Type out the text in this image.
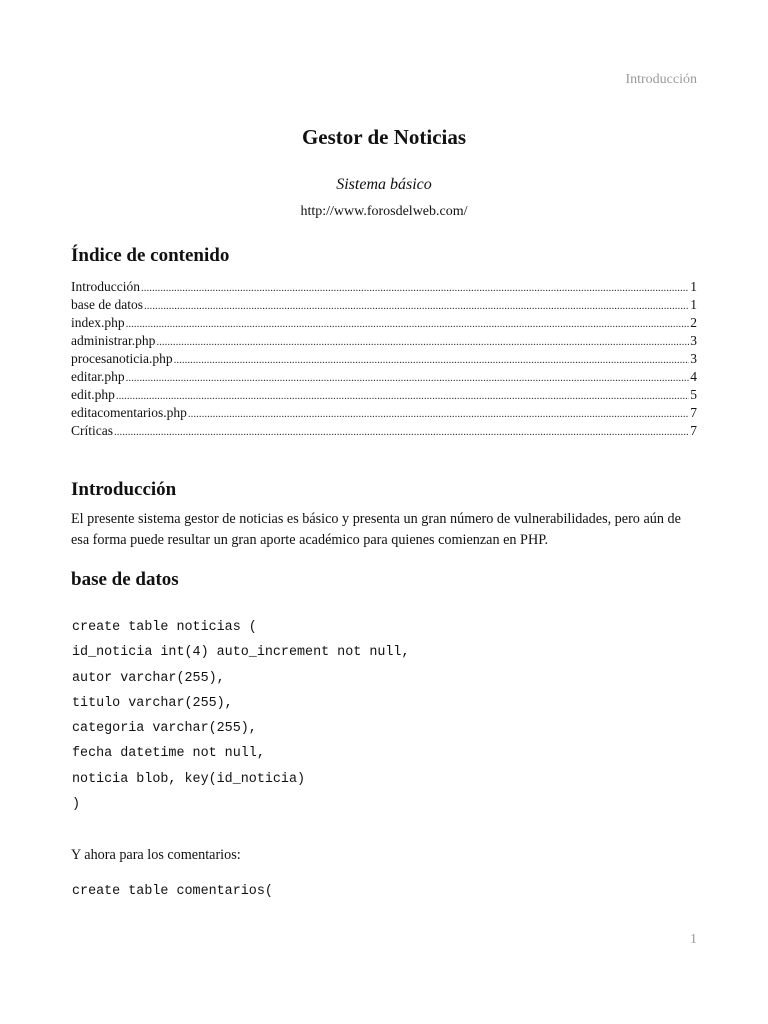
Introducción
Gestor de Noticias
Sistema básico
http://www.forosdelweb.com/
Índice de contenido
Introducción .....	1
base de datos .....	1
index.php .....	2
administrar.php .....	3
procesanoticia.php .....	3
editar.php .....	4
edit.php .....	5
editacomentarios.php .....	7
Críticas .....	7
Introducción
El presente sistema gestor de noticias es básico y presenta un gran número de vulnerabilidades, pero aún de esa forma puede resultar un gran aporte académico para quienes comienzan en PHP.
base de datos
create table noticias (
id_noticia int(4) auto_increment not null,
autor varchar(255),
titulo varchar(255),
categoria varchar(255),
fecha datetime not null,
noticia blob, key(id_noticia)
)
Y ahora para los comentarios:
create table comentarios(
1
